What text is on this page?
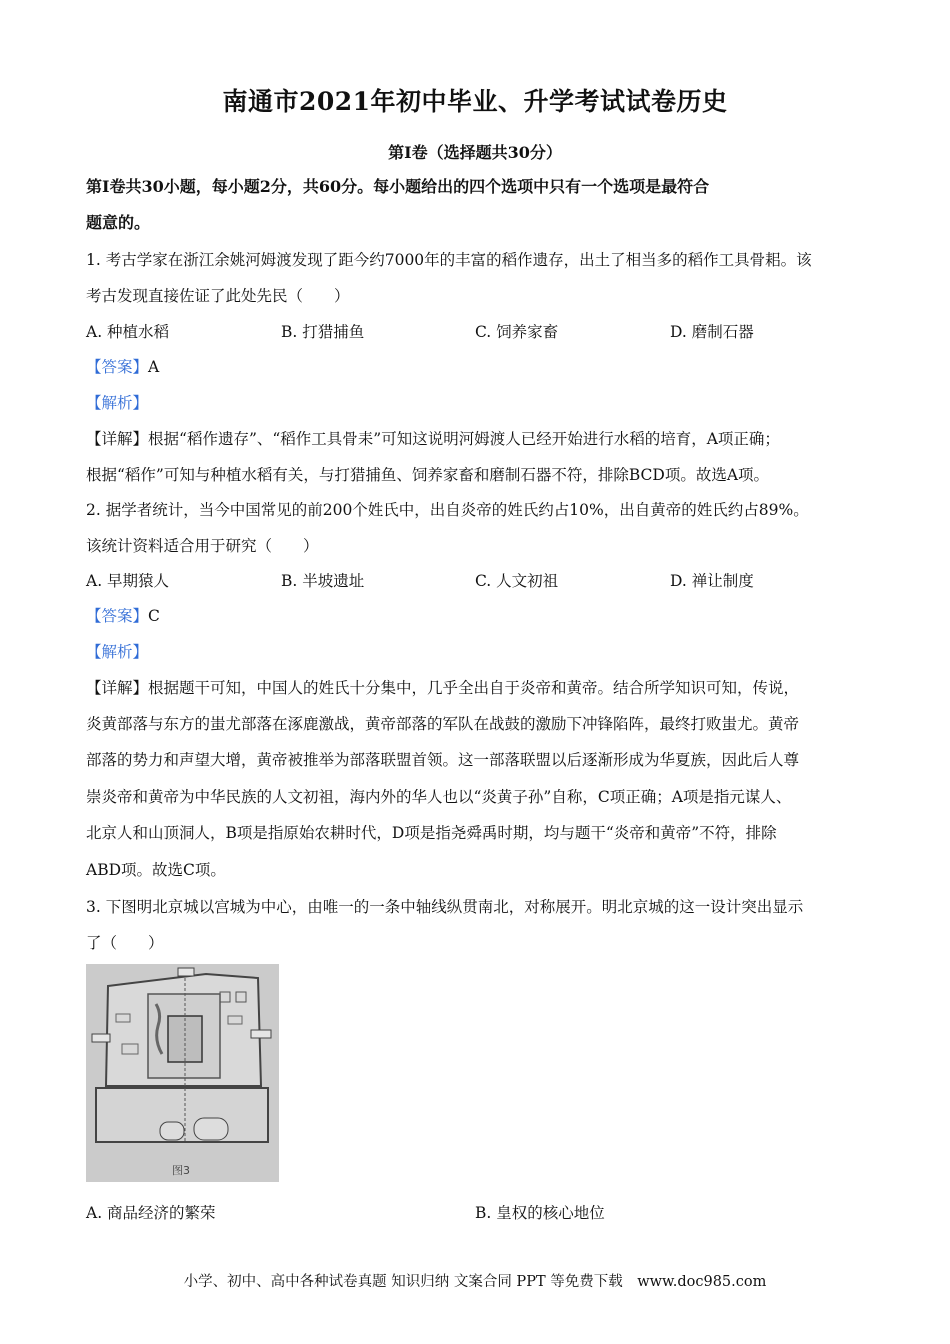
南通市2021年初中毕业、升学考试试卷历史
第Ⅰ卷（选择题共30分）
第Ⅰ卷共30小题，每小题2分，共60分。每小题给出的四个选项中只有一个选项是最符合
题意的。
1. 考古学家在浙江余姚河姆渡发现了距今约7000年的丰富的稻作遗存，出土了相当多的稻作工具骨耜。该
考古发现直接佐证了此处先民（　　）
A. 种植水稻	B. 打猎捕鱼	C. 饲养家畜	D. 磨制石器
【答案】A
【解析】
【详解】根据“稻作遗存”、“稻作工具骨耒”可知这说明河姆渡人已经开始进行水稻的培育，A项正确；
根据“稻作”可知与种植水稻有关，与打猎捕鱼、饲养家畜和磨制石器不符，排除BCD项。故选A项。
2. 据学者统计，当今中国常见的前200个姓氏中，出自炎帝的姓氏约占10%，出自黄帝的姓氏约占89%。
该统计资料适合用于研究（　　）
A. 早期猿人	B. 半坡遗址	C. 人文初祖	D. 禅让制度
【答案】C
【解析】
【详解】根据题干可知，中国人的姓氏十分集中，几乎全出自于炎帝和黄帝。结合所学知识可知，传说，
炎黄部落与东方的蚩尤部落在涿鹿激战，黄帝部落的军队在战鼓的激励下冲锋陷阵，最终打败蚩尤。黄帝
部落的势力和声望大增，黄帝被推举为部落联盟首领。这一部落联盟以后逐渐形成为华夏族，因此后人尊
崇炎帝和黄帝为中华民族的人文初祖，海内外的华人也以“炎黄子孙”自称，C项正确；A项是指元谋人、
北京人和山顶洞人，B项是指原始农耕时代，D项是指尧舜禹时期，均与题干“炎帝和黄帝”不符，排除
ABD项。故选C项。
3. 下图明北京城以宫城为中心，由唯一的一条中轴线纵贯南北，对称展开。明北京城的这一设计突出显示
了（　　）
图3
A. 商品经济的繁荣	B. 皇权的核心地位
小学、初中、高中各种试卷真题 知识归纳 文案合同 PPT 等免费下载　www.doc985.com
